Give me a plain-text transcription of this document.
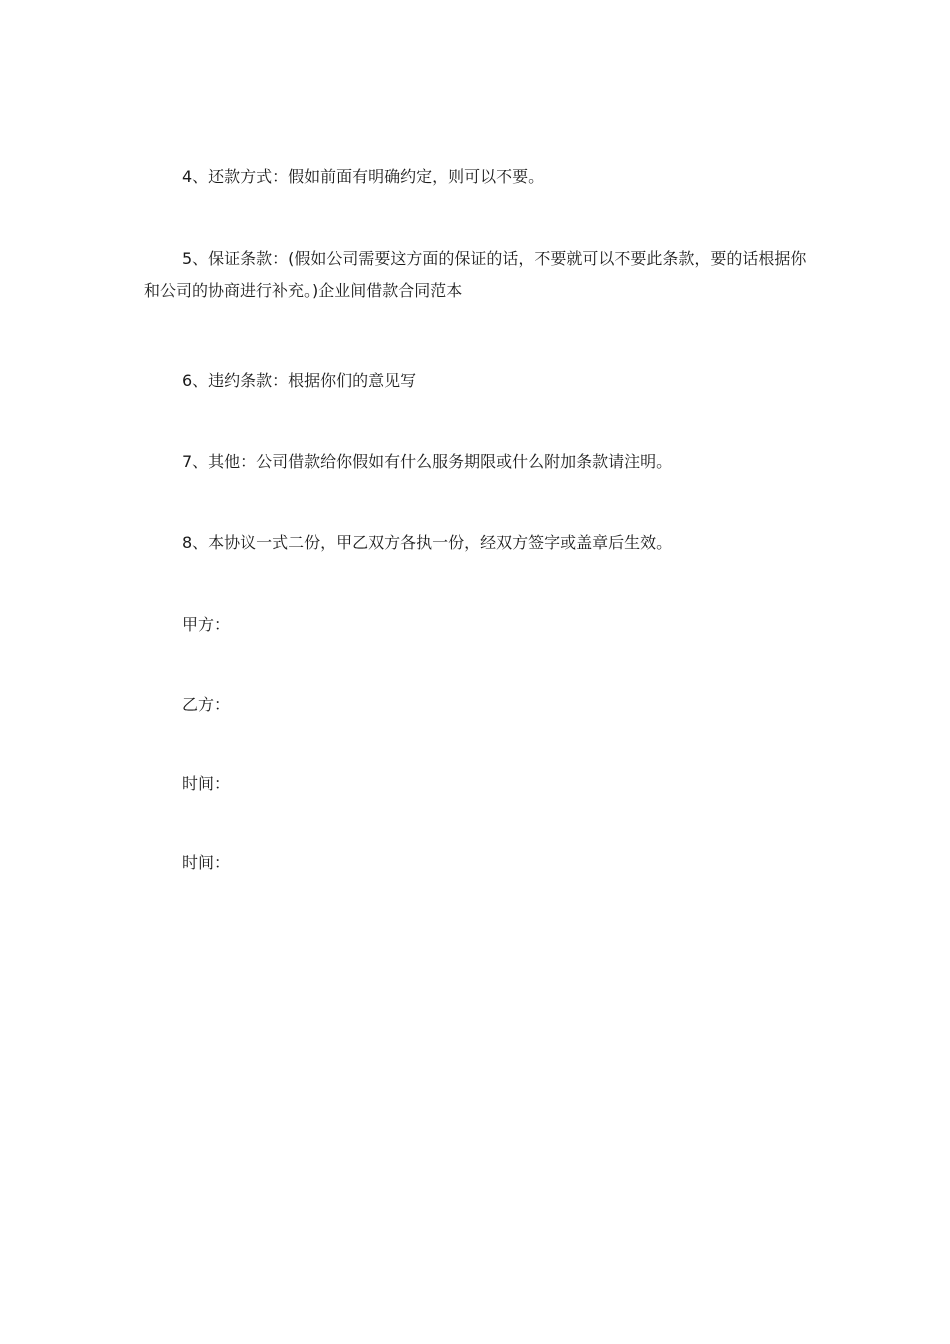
4、还款方式：假如前面有明确约定，则可以不要。

5、保证条款：(假如公司需要这方面的保证的话，不要就可以不要此条款，要的话根据你和公司的协商进行补充。)企业间借款合同范本

6、违约条款：根据你们的意见写

7、其他：公司借款给你假如有什么服务期限或什么附加条款请注明。

8、本协议一式二份，甲乙双方各执一份，经双方签字或盖章后生效。

甲方：

乙方：

时间：

时间：
